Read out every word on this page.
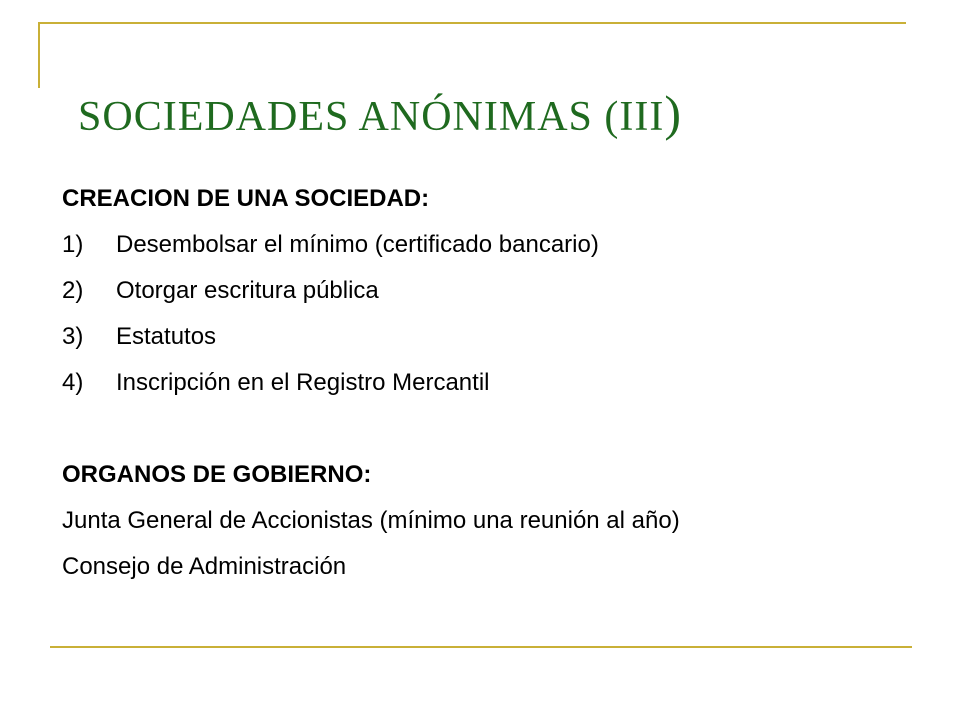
SOCIEDADES ANÓNIMAS (III)
CREACION DE UNA SOCIEDAD:
1) Desembolsar el mínimo (certificado bancario)
2) Otorgar escritura pública
3) Estatutos
4) Inscripción en el Registro Mercantil
ORGANOS DE GOBIERNO:
Junta General de Accionistas (mínimo una reunión al año)
Consejo de Administración
